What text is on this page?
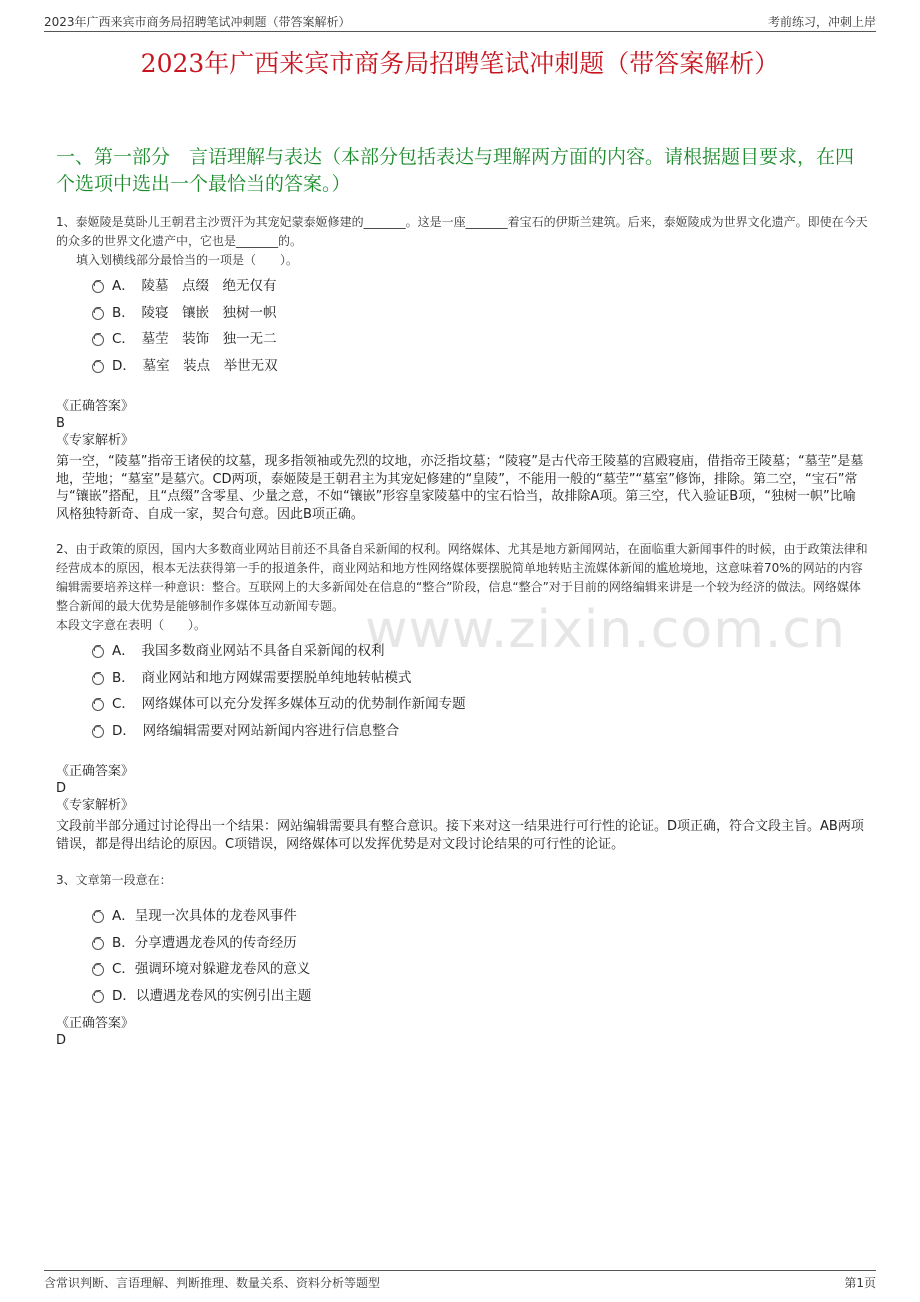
2023年广西来宾市商务局招聘笔试冲刺题（带答案解析）	考前练习，冲刺上岸
2023年广西来宾市商务局招聘笔试冲刺题（带答案解析）
一、第一部分　言语理解与表达（本部分包括表达与理解两方面的内容。请根据题目要求，在四个选项中选出一个最恰当的答案。）
www.zixin.com.cn
1、泰姬陵是莫卧儿王朝君主沙贾汗为其宠妃蒙泰姬修建的_______。这是一座_______着宝石的伊斯兰建筑。后来，泰姬陵成为世界文化遗产。即使在今天的众多的世界文化遗产中，它也是_______的。
填入划横线部分最恰当的一项是（　　）。
A．　陵墓　点缀　绝无仅有
B．　陵寝　镶嵌　独树一帜
C．　墓茔　装饰　独一无二
D．　墓室　装点　举世无双
《正确答案》
B
《专家解析》
第一空，“陵墓”指帝王诸侯的坟墓，现多指领袖或先烈的坟地，亦泛指坟墓；“陵寝”是古代帝王陵墓的宫殿寝庙，借指帝王陵墓；“墓茔”是墓地，茔地；“墓室”是墓穴。CD两项，泰姬陵是王朝君主为其宠妃修建的“皇陵”，不能用一般的“墓茔”“墓室”修饰，排除。第二空，“宝石”常与“镶嵌”搭配，且“点缀”含零星、少量之意，不如“镶嵌”形容皇家陵墓中的宝石恰当，故排除A项。第三空，代入验证B项，“独树一帜”比喻风格独特新奇、自成一家，契合句意。因此B项正确。
2、由于政策的原因，国内大多数商业网站目前还不具备自采新闻的权利。网络媒体、尤其是地方新闻网站，在面临重大新闻事件的时候，由于政策法律和经营成本的原因，根本无法获得第一手的报道条件，商业网站和地方性网络媒体要摆脱简单地转贴主流媒体新闻的尴尬境地，这意味着70%的网站的内容编辑需要培养这样一种意识：整合。互联网上的大多新闻处在信息的“整合”阶段，信息“整合”对于目前的网络编辑来讲是一个较为经济的做法。网络媒体整合新闻的最大优势是能够制作多媒体互动新闻专题。
本段文字意在表明（　　）。
A．　我国多数商业网站不具备自采新闻的权利
B．　商业网站和地方网媒需要摆脱单纯地转帖模式
C．　网络媒体可以充分发挥多媒体互动的优势制作新闻专题
D．　网络编辑需要对网站新闻内容进行信息整合
《正确答案》
D
《专家解析》
文段前半部分通过讨论得出一个结果：网站编辑需要具有整合意识。接下来对这一结果进行可行性的论证。D项正确，符合文段主旨。AB两项错误，都是得出结论的原因。C项错误，网络媒体可以发挥优势是对文段讨论结果的可行性的论证。
3、文章第一段意在：
A．呈现一次具体的龙卷风事件
B．分享遭遇龙卷风的传奇经历
C．强调环境对躲避龙卷风的意义
D．以遭遇龙卷风的实例引出主题
《正确答案》
D
含常识判断、言语理解、判断推理、数量关系、资料分析等题型	第1页
